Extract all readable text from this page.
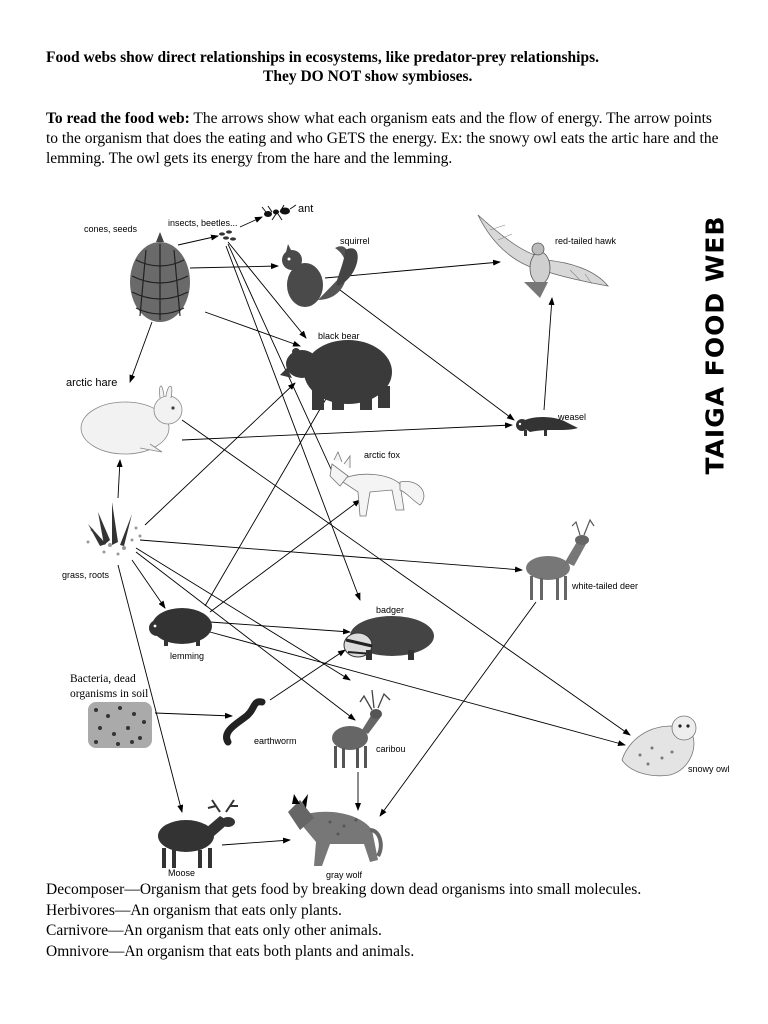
Food webs show direct relationships in ecosystems, like predator-prey relationships.
They DO NOT show symbioses.
To read the food web: The arrows show what each organism eats and the flow of energy. The arrow points to the organism that does the eating and who GETS the energy. Ex: the snowy owl eats the artic hare and the lemming. The owl gets its energy from the hare and the lemming.
TAIGA FOOD WEB
cones, seeds
insects, beetles...
ant
squirrel	red-tailed hawk
black bear
arctic hare
weasel
arctic fox
grass, roots
white-tailed deer
badger
lemming
Bacteria, dead
organisms in soil
earthworm
caribou
snowy owl
Moose	gray wolf
Decomposer—Organism that gets food by breaking down dead organisms into small molecules.
Herbivores—An organism that eats only plants.
Carnivore—An organism that eats only other animals.
Omnivore—An organism that eats both plants and animals.
